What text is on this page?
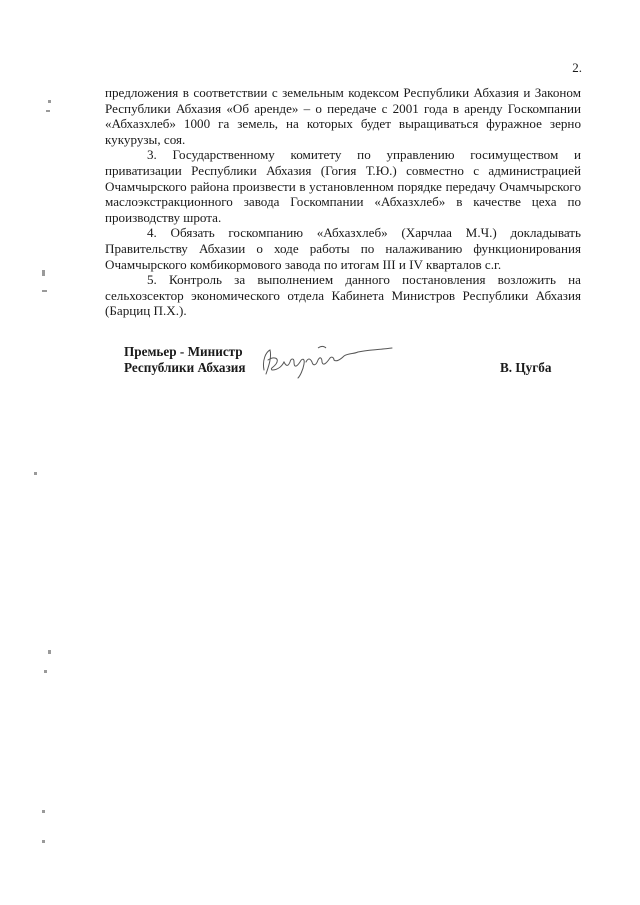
2.

предложения в соответствии с земельным кодексом Республики Абхазия и Законом Республики Абхазия «Об аренде» – о передаче с 2001 года в аренду Госкомпании «Абхазхлеб» 1000 га земель, на которых будет выращиваться фуражное зерно кукурузы, соя.

3. Государственному комитету по управлению госимуществом и приватизации Республики Абхазия (Гогия Т.Ю.) совместно с администрацией Очамчырского района произвести в установленном порядке передачу Очамчырского маслоэкстракционного завода Госкомпании «Абхазхлеб» в качестве цеха по производству шрота.

4. Обязать госкомпанию «Абхазхлеб» (Харчлаа М.Ч.) докладывать Правительству Абхазии о ходе работы по налаживанию функционирования Очамчырского комбикормового завода по итогам III и IV кварталов с.г.

5. Контроль за выполнением данного постановления возложить на сельхозсектор экономического отдела Кабинета Министров Республики Абхазия (Барциц П.Х.).

Премьер - Министр
Республики Абхазия	В. Цугба
